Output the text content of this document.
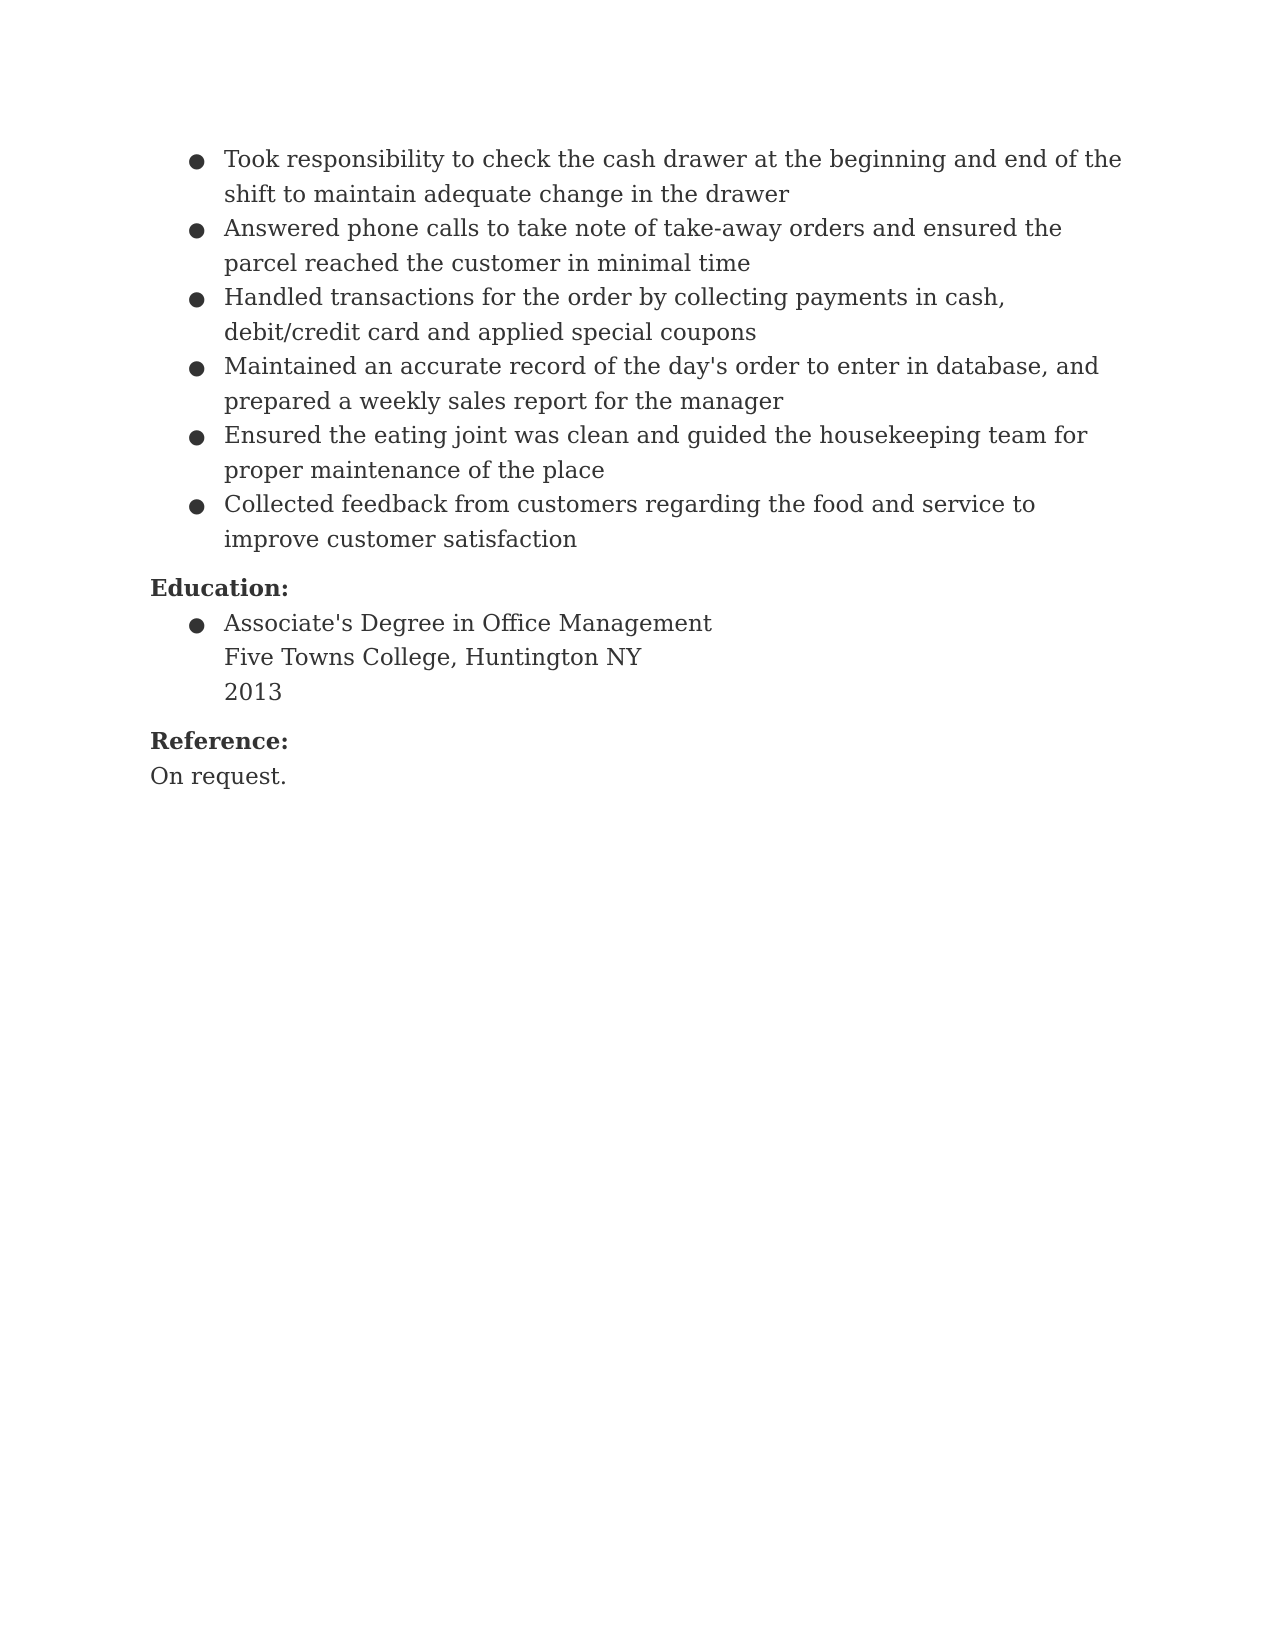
● Took responsibility to check the cash drawer at the beginning and end of the shift to maintain adequate change in the drawer
● Answered phone calls to take note of take-away orders and ensured the parcel reached the customer in minimal time
● Handled transactions for the order by collecting payments in cash, debit/credit card and applied special coupons
● Maintained an accurate record of the day's order to enter in database, and prepared a weekly sales report for the manager
● Ensured the eating joint was clean and guided the housekeeping team for proper maintenance of the place
● Collected feedback from customers regarding the food and service to improve customer satisfaction
Education:
● Associate's Degree in Office Management
Five Towns College, Huntington NY
2013
Reference:
On request.
